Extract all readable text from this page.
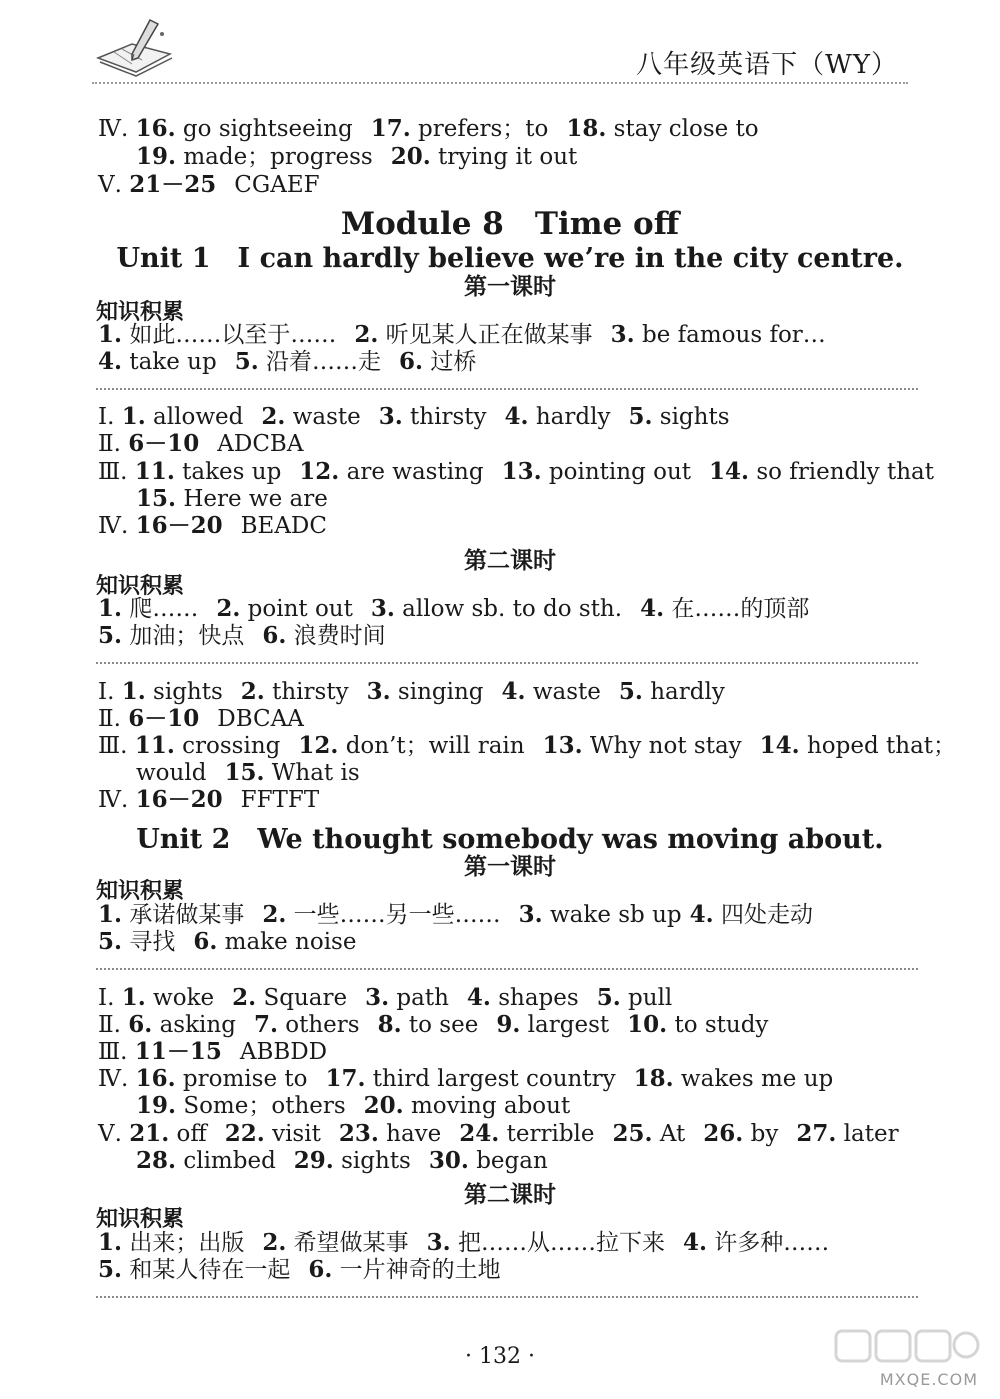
八年级英语下（WY）
Ⅳ. 16. go sightseeing 17. prefers；to 18. stay close to
19. made；progress 20. trying it out
Ⅴ. 21－25 CGAEF
Module 8　Time off
Unit 1　I can hardly believe we’re in the city centre.
第一课时
知识积累
1. 如此……以至于…… 2. 听见某人正在做某事 3. be famous for…
4. take up 5. 沿着……走 6. 过桥
Ⅰ. 1. allowed 2. waste 3. thirsty 4. hardly 5. sights
Ⅱ. 6－10 ADCBA
Ⅲ. 11. takes up 12. are wasting 13. pointing out 14. so friendly that
15. Here we are
Ⅳ. 16－20 BEADC
第二课时
知识积累
1. 爬…… 2. point out 3. allow sb. to do sth. 4. 在……的顶部
5. 加油；快点 6. 浪费时间
Ⅰ. 1. sights 2. thirsty 3. singing 4. waste 5. hardly
Ⅱ. 6－10 DBCAA
Ⅲ. 11. crossing 12. don’t；will rain 13. Why not stay 14. hoped that；
would 15. What is
Ⅳ. 16－20 FFTFT
Unit 2　We thought somebody was moving about.
第一课时
知识积累
1. 承诺做某事 2. 一些……另一些…… 3. wake sb up 4. 四处走动
5. 寻找 6. make noise
Ⅰ. 1. woke 2. Square 3. path 4. shapes 5. pull
Ⅱ. 6. asking 7. others 8. to see 9. largest 10. to study
Ⅲ. 11－15 ABBDD
Ⅳ. 16. promise to 17. third largest country 18. wakes me up
19. Some；others 20. moving about
Ⅴ. 21. off 22. visit 23. have 24. terrible 25. At 26. by 27. later
28. climbed 29. sights 30. began
第二课时
知识积累
1. 出来；出版 2. 希望做某事 3. 把……从……拉下来 4. 许多种……
5. 和某人待在一起 6. 一片神奇的土地
· 132 ·
MXQE.COM
